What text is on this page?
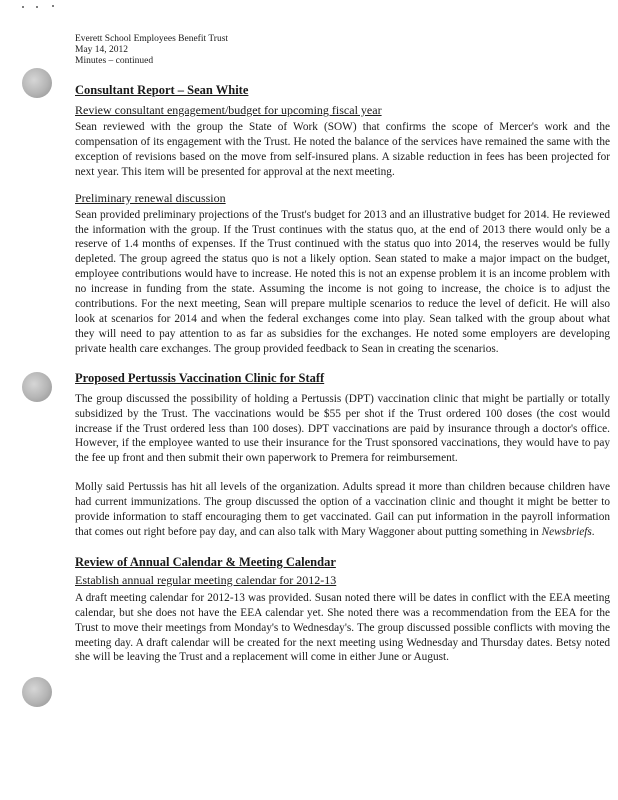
Everett School Employees Benefit Trust

May 14, 2012

Minutes – continued

Consultant Report – Sean White

Review consultant engagement/budget for upcoming fiscal year

Sean reviewed with the group the State of Work (SOW) that confirms the scope of Mercer's work and the compensation of its engagement with the Trust. He noted the balance of the services have remained the same with the exception of revisions based on the move from self-insured plans. A sizable reduction in fees has been projected for next year. This item will be presented for approval at the next meeting.

Preliminary renewal discussion

Sean provided preliminary projections of the Trust's budget for 2013 and an illustrative budget for 2014. He reviewed the information with the group. If the Trust continues with the status quo, at the end of 2013 there would only be a reserve of 1.4 months of expenses. If the Trust continued with the status quo into 2014, the reserves would be fully depleted. The group agreed the status quo is not a likely option. Sean stated to make a major impact on the budget, employee contributions would have to increase. He noted this is not an expense problem it is an income problem with no increase in funding from the state. Assuming the income is not going to increase, the choice is to adjust the contributions. For the next meeting, Sean will prepare multiple scenarios to reduce the level of deficit. He will also look at scenarios for 2014 and when the federal exchanges come into play. Sean talked with the group about what they will need to pay attention to as far as subsidies for the exchanges. He noted some employers are developing private health care exchanges. The group provided feedback to Sean in creating the scenarios.

Proposed Pertussis Vaccination Clinic for Staff

The group discussed the possibility of holding a Pertussis (DPT) vaccination clinic that might be partially or totally subsidized by the Trust. The vaccinations would be $55 per shot if the Trust ordered 100 doses (the cost would increase if the Trust ordered less than 100 doses). DPT vaccinations are paid by insurance through a doctor's office. However, if the employee wanted to use their insurance for the Trust sponsored vaccinations, they would have to pay the fee up front and then submit their own paperwork to Premera for reimbursement.

Molly said Pertussis has hit all levels of the organization. Adults spread it more than children because children have had current immunizations. The group discussed the option of a vaccination clinic and thought it might be better to provide information to staff encouraging them to get vaccinated. Gail can put information in the payroll information that comes out right before pay day, and can also talk with Mary Waggoner about putting something in Newsbriefs.

Review of Annual Calendar & Meeting Calendar

Establish annual regular meeting calendar for 2012-13

A draft meeting calendar for 2012-13 was provided. Susan noted there will be dates in conflict with the EEA meeting calendar, but she does not have the EEA calendar yet. She noted there was a recommendation from the EEA for the Trust to move their meetings from Monday's to Wednesday's. The group discussed possible conflicts with moving the meeting day. A draft calendar will be created for the next meeting using Wednesday and Thursday dates. Betsy noted she will be leaving the Trust and a replacement will come in either June or August.
